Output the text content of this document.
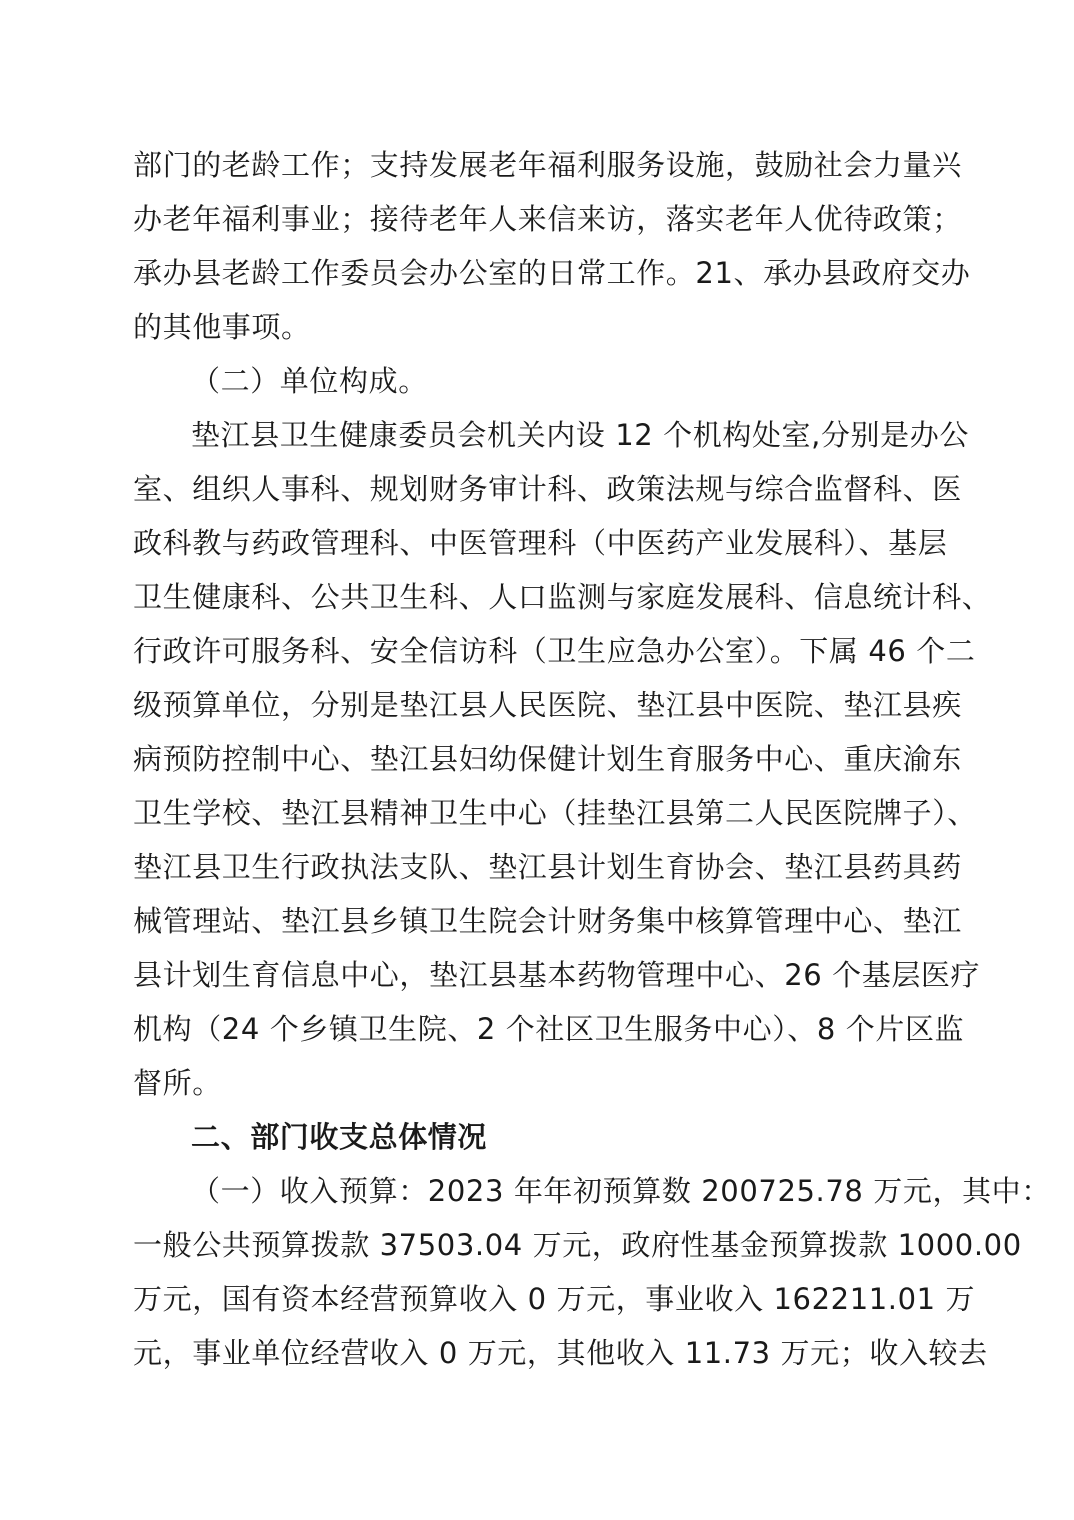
部门的老龄工作；支持发展老年福利服务设施，鼓励社会力量兴
办老年福利事业；接待老年人来信来访，落实老年人优待政策；
承办县老龄工作委员会办公室的日常工作。21、承办县政府交办
的其他事项。
（二）单位构成。
垫江县卫生健康委员会机关内设 12 个机构处室,分别是办公
室、组织人事科、规划财务审计科、政策法规与综合监督科、医
政科教与药政管理科、中医管理科（中医药产业发展科）、基层
卫生健康科、公共卫生科、人口监测与家庭发展科、信息统计科、
行政许可服务科、安全信访科（卫生应急办公室）。下属 46 个二
级预算单位，分别是垫江县人民医院、垫江县中医院、垫江县疾
病预防控制中心、垫江县妇幼保健计划生育服务中心、重庆渝东
卫生学校、垫江县精神卫生中心（挂垫江县第二人民医院牌子）、
垫江县卫生行政执法支队、垫江县计划生育协会、垫江县药具药
械管理站、垫江县乡镇卫生院会计财务集中核算管理中心、垫江
县计划生育信息中心，垫江县基本药物管理中心、26 个基层医疗
机构（24 个乡镇卫生院、2 个社区卫生服务中心）、8 个片区监
督所。
二、部门收支总体情况
（一）收入预算：2023 年年初预算数 200725.78 万元，其中：
一般公共预算拨款 37503.04 万元，政府性基金预算拨款 1000.00
万元，国有资本经营预算收入 0 万元，事业收入 162211.01 万
元，事业单位经营收入 0 万元，其他收入 11.73 万元；收入较去
